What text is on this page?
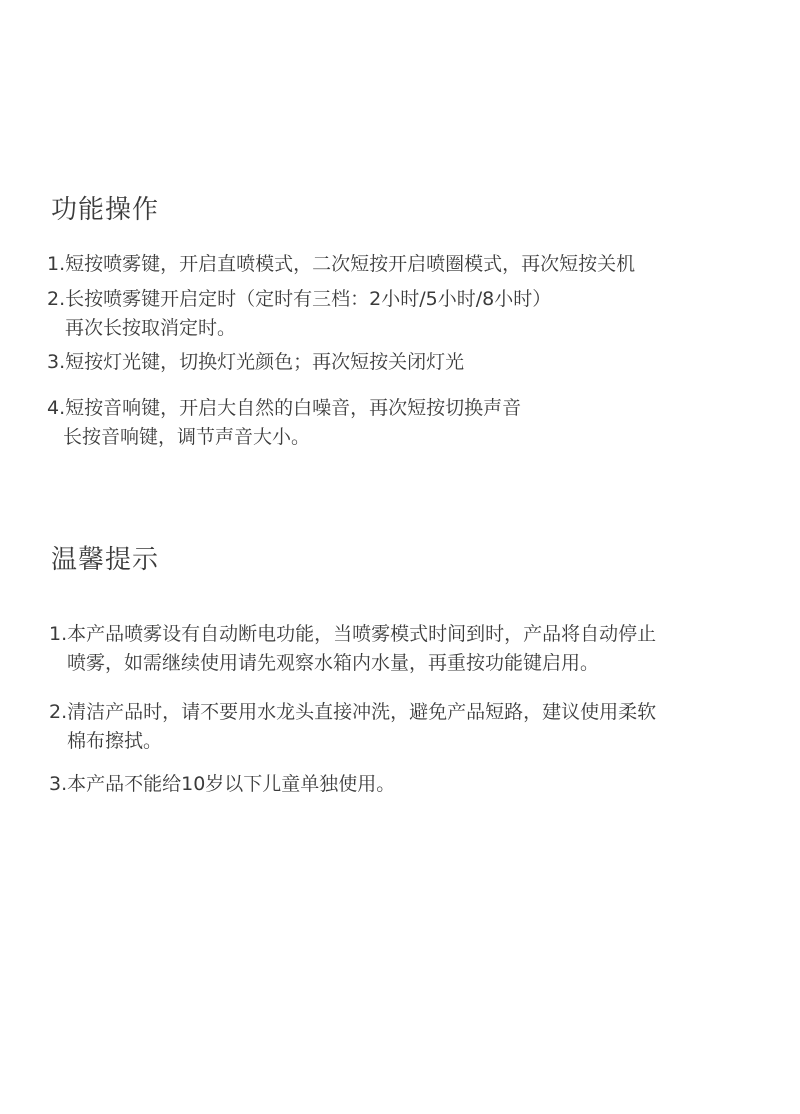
功能操作

1.短按喷雾键，开启直喷模式，二次短按开启喷圈模式，再次短按关机

2.长按喷雾键开启定时（定时有三档：2小时/5小时/8小时）
再次长按取消定时。

3.短按灯光键，切换灯光颜色；再次短按关闭灯光

4.短按音响键，开启大自然的白噪音，再次短按切换声音
长按音响键，调节声音大小。

温馨提示

1.本产品喷雾设有自动断电功能，当喷雾模式时间到时，产品将自动停止
喷雾，如需继续使用请先观察水箱内水量，再重按功能键启用。

2.清洁产品时，请不要用水龙头直接冲洗，避免产品短路，建议使用柔软
棉布擦拭。

3.本产品不能给10岁以下儿童单独使用。
